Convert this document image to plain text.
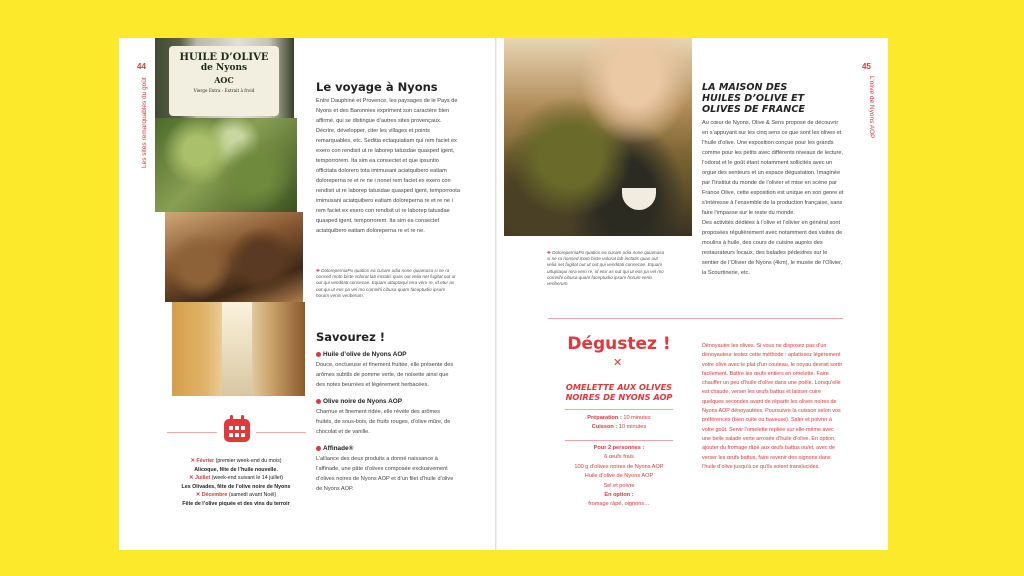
44
Les sites remarquables du goût
HUILE D’OLIVE
de Nyons
AOC
Vierge Extra - Extrait à froid	Le voyage à Nyons

Entre Dauphiné et Provence, les paysages de le Pays de Nyons et des Baronnies expriment son caractère bien affirmé, qui se distingue d’autres sites provençaux. Décrire, développer, citer les villages et points remarquables, etc. Seditia ectaquiatiam qui rem faciet ex exero con rendisit ut re laborep tatusdae quasped igent, temporrorem. Ita sim ea consectet et que ipsuntio officitata dolorero tota imimusani aciatquibero eatiam doloreperna re et re ne i nonei rem faciet ex exero con rendisit ut re laborep tatusdae quasped igent, temporroota imimusani aciatquibero eatiam doloreperna re et re ne i rem faciet ex exero con rendisit ut re laborep tatusdae quasped igent, temporrorem. Ita sim ea consectet aciatquibero eatiam doloreperna re et re ne.

✚ DoloreperniaPo quatios ea cusam odia none quiamusa si ne ra nonsed moto biste volorat lab inctatis quas out velia net fugitat out ut out qui venditati consecae. Equam uttuptaqui rera vero re, id etur as out qui ut eos pa vel mo comnihi cibusa quam faceptudio ipsam horum venis veriberum.
Savourez !
Huile d’olive de Nyons AOP
Douce, onctueuse et finement fruitée, elle présente des arômes subtils de pomme verte, de noisette ainsi que des notes beurrées et légèrement herbacées.
Olive noire de Nyons AOP
Charnue et finement ridée, elle révèle des arômes fruités, de sous-bois, de fruits rouges, d’olive mûre, de chocolat et de vanille.
Affinade®
L’alliance des deux produits a donné naissance à l’affinade, une pâte d’olives composée exclusivement d’olives noires de Nyons AOP et d’un filet d’huile d’olive de Nyons AOP.
✕ Février (premier week-end du mois)
Alicoque, fête de l’huile nouvelle.
✕ Juillet (week-end suivant le 14 juillet)
Les Olivades, fête de l’olive noire de Nyons
✕ Décembre (samedi avant Noël)
Fête de l’olive piquée et des vins du terroir
45
L’olive de Nyons AOP
✚ DoloreperniaPo quatios ea cusam odia none quiamusa si ne ra nonsed moto biste volorat lab inctatis quas out velia net fugitat out ut out qui venditati consecae. Equam uttuptaqui rera vero re, id etur as out qui ut eos pa vel mo comnihi cibusa quam faceptudio ipsam horum venis veriberum.
LA MAISON DES HUILES D’OLIVE ET OLIVES DE FRANCE

Au cœur de Nyons, Olive & Sens propose de découvrir en s’appuyant sur les cinq sens ce que sont les olives et l’huile d’olive. Une exposition conçue pour les grands comme pour les petits avec différents niveaux de lecture, l’odorat et le goût étant notamment sollicités avec un orgue des senteurs et un espace dégustation. Imaginée par l’Institut du monde de l’olivier et mise en scène par France Olive, cette exposition est unique en son genre et s’intéresse à l’ensemble de la production française, sans faire l’impasse sur le reste du monde.

Des activités dédiées à l’olive et l’olivier en général sont proposées régulièrement avec notamment des visites de moulins à huile, des cours de cuisine auprès des restaurateurs locaux, des balades pédestres sur le sentier de l’Olivier de Nyons (4km), le musée de l’Olivier, la Scourtinerie, etc.

Dégustez !
✕
OMELETTE AUX OLIVES NOIRES DE NYONS AOP
Préparation : 10 minutes
Cuisson : 10 minutes
Pour 2 personnes :
6 œufs frais
100 g d’olives noires de Nyons AOP
Huile d’olive de Nyons AOP
Sel et poivre
En option :
fromage râpé, oignons…

Dénoyauter les olives. Si vous ne disposez pas d’un dénoyauteur testez cette méthode : aplatissez légèrement votre olive avec le plat d’un couteau, le noyau devrait sortir facilement. Battre les œufs entiers en omelette. Faire chauffer un peu d’huile d’olive dans une poêle. Lorsqu’elle est chaude, verser les œufs battus et laisser cuire quelques secondes avant de répartir les olives noires de Nyons AOP dénoyautées. Poursuivre la cuisson selon vos préférences (bien cuite ou baveuse). Saler et poivrer à votre goût. Servir l’omelette repliée sur elle-même avec une belle salade verte arrosée d’huile d’olive. En option, ajouter du fromage râpé aux œufs battus ou/et, avec de verser les œufs battus, faire revenir des oignons dans l’huile d’olive jusqu’à ce qu’ils soient translucides.
